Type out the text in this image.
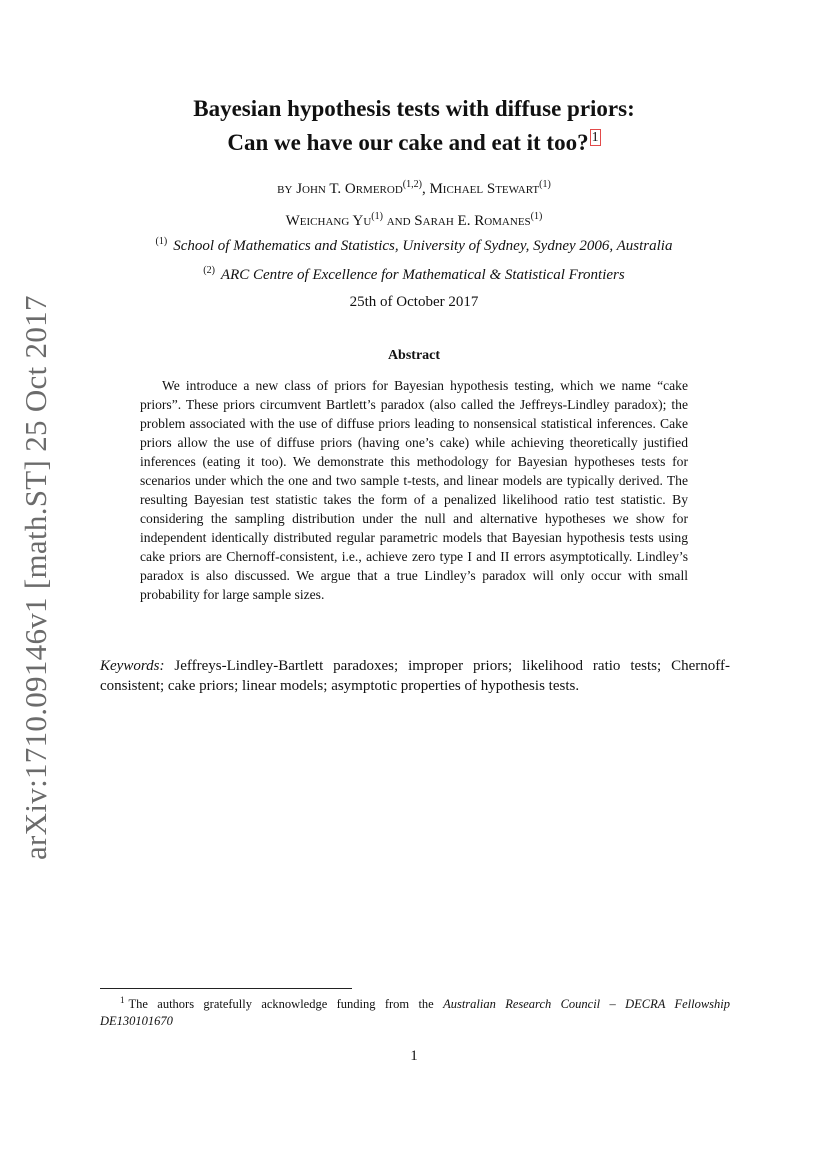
arXiv:1710.09146v1 [math.ST] 25 Oct 2017
Bayesian hypothesis tests with diffuse priors:
Can we have our cake and eat it too? $^1$
by John T. Ormerod$^{(1,2)}$, Michael Stewart$^{(1)}$
Weichang Yu$^{(1)}$ and Sarah E. Romanes$^{(1)}$
$^{(1)}$ School of Mathematics and Statistics, University of Sydney, Sydney 2006, Australia
$^{(2)}$ ARC Centre of Excellence for Mathematical & Statistical Frontiers
25th of October 2017
Abstract
We introduce a new class of priors for Bayesian hypothesis testing, which we name “cake priors”. These priors circumvent Bartlett’s paradox (also called the Jeffreys-Lindley paradox); the problem associated with the use of diffuse priors leading to nonsensical statistical inferences. Cake priors allow the use of diffuse priors (having one’s cake) while achieving theoretically justified inferences (eating it too). We demonstrate this methodology for Bayesian hypotheses tests for scenarios under which the one and two sample t-tests, and linear models are typically derived. The resulting Bayesian test statistic takes the form of a penalized likelihood ratio test statistic. By considering the sampling distribution under the null and alternative hypotheses we show for independent identically distributed regular parametric models that Bayesian hypothesis tests using cake priors are Chernoff-consistent, i.e., achieve zero type I and II errors asymptotically. Lindley’s paradox is also discussed. We argue that a true Lindley’s paradox will only occur with small probability for large sample sizes.
Keywords: Jeffreys-Lindley-Bartlett paradoxes; improper priors; likelihood ratio tests; Chernoff-consistent; cake priors; linear models; asymptotic properties of hypothesis tests.
$^1$ The authors gratefully acknowledge funding from the Australian Research Council – DECRA Fellowship DE130101670
1
